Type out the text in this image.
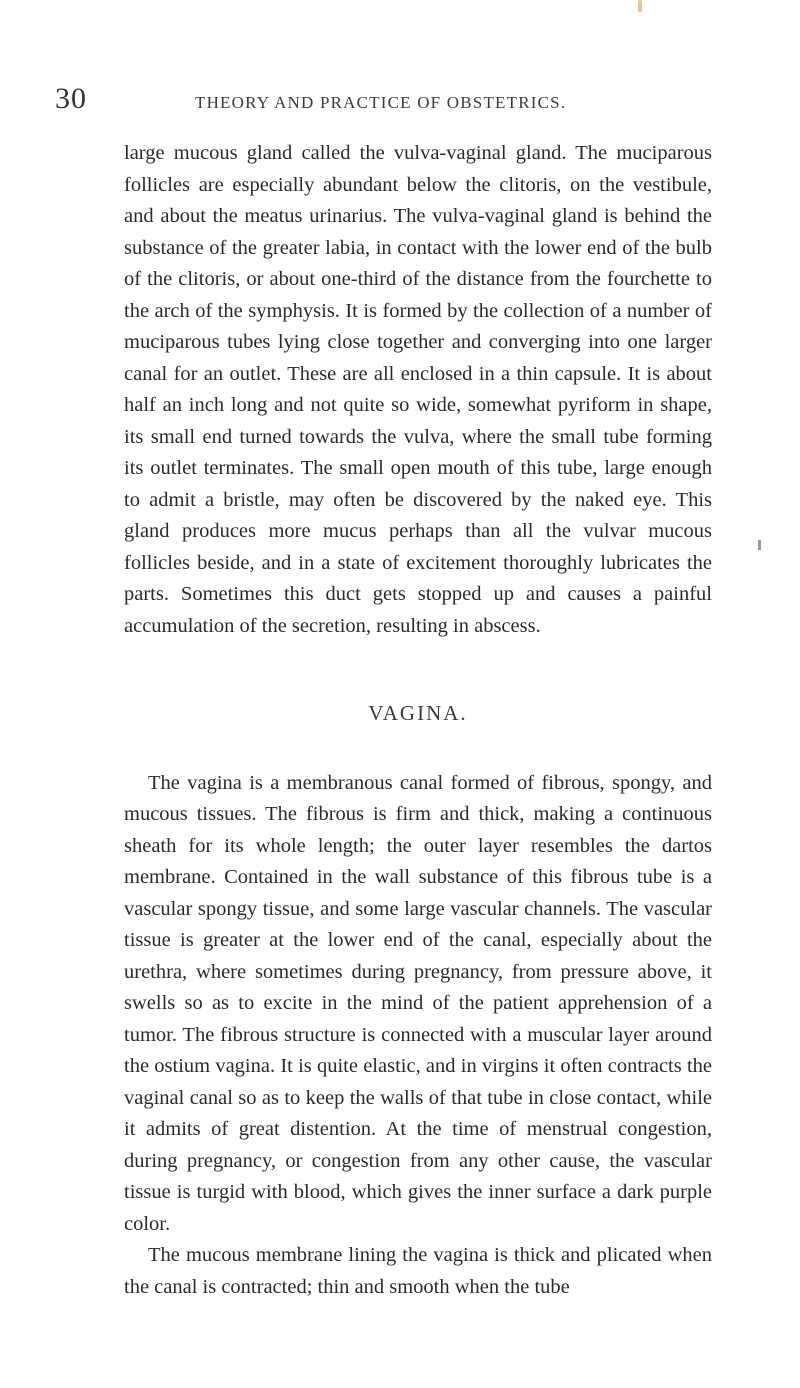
30	THEORY AND PRACTICE OF OBSTETRICS.

large mucous gland called the vulva-vaginal gland. The muciparous follicles are especially abundant below the clitoris, on the vestibule, and about the meatus urinarius. The vulva-vaginal gland is behind the substance of the greater labia, in contact with the lower end of the bulb of the clitoris, or about one-third of the distance from the fourchette to the arch of the symphysis. It is formed by the collection of a number of muciparous tubes lying close together and converging into one larger canal for an outlet. These are all enclosed in a thin capsule. It is about half an inch long and not quite so wide, somewhat pyriform in shape, its small end turned towards the vulva, where the small tube forming its outlet terminates. The small open mouth of this tube, large enough to admit a bristle, may often be discovered by the naked eye. This gland produces more mucus perhaps than all the vulvar mucous follicles beside, and in a state of excitement thoroughly lubricates the parts. Sometimes this duct gets stopped up and causes a painful accumulation of the secretion, resulting in abscess.

VAGINA.

The vagina is a membranous canal formed of fibrous, spongy, and mucous tissues. The fibrous is firm and thick, making a continuous sheath for its whole length; the outer layer resembles the dartos membrane. Contained in the wall substance of this fibrous tube is a vascular spongy tissue, and some large vascular channels. The vascular tissue is greater at the lower end of the canal, especially about the urethra, where sometimes during pregnancy, from pressure above, it swells so as to excite in the mind of the patient apprehension of a tumor. The fibrous structure is connected with a muscular layer around the ostium vagina. It is quite elastic, and in virgins it often contracts the vaginal canal so as to keep the walls of that tube in close contact, while it admits of great distention. At the time of menstrual congestion, during pregnancy, or congestion from any other cause, the vascular tissue is turgid with blood, which gives the inner surface a dark purple color.

The mucous membrane lining the vagina is thick and plicated when the canal is contracted; thin and smooth when the tube
